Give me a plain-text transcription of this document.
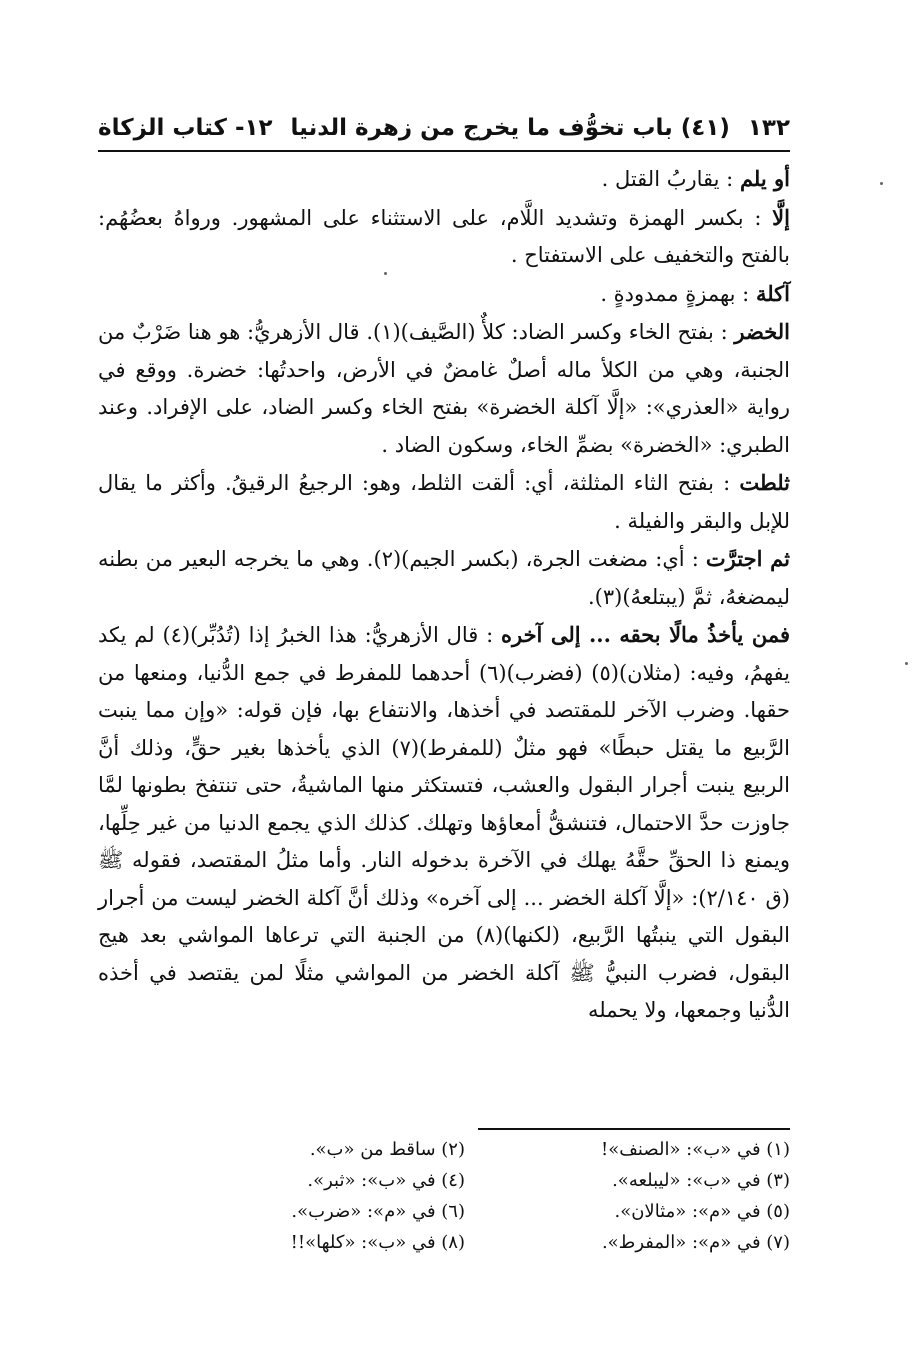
١٣٢
(٤١) باب تخوُّف ما يخرج من زهرة الدنيا
١٢- كتاب الزكاة

أو يلم : يقاربُ القتل .

إلَّا : بكسر الهمزة وتشديد اللَّام، على الاستثناء على المشهور. ورواهُ بعضُهُم: بالفتح والتخفيف على الاستفتاح .

آكلة : بهمزةٍ ممدودةٍ .

الخضر : بفتح الخاء وكسر الضاد: كلأٌ (الصَّيف)(١). قال الأزهريُّ: هو هنا ضَرْبٌ من الجنبة، وهي من الكلأ ماله أصلٌ غامضٌ في الأرض، واحدتُها: خضرة. ووقع في رواية «العذري»: «إلَّا آكلة الخضرة» بفتح الخاء وكسر الضاد، على الإفراد. وعند الطبري: «الخضرة» بضمِّ الخاء، وسكون الضاد .

ثلطت : بفتح الثاء المثلثة، أي: ألقت الثلط، وهو: الرجيعُ الرقيقُ. وأكثر ما يقال للإبل والبقر والفيلة .

ثم اجترَّت : أي: مضغت الجرة، (بكسر الجيم)(٢). وهي ما يخرجه البعير من بطنه ليمضغهُ، ثمَّ (يبتلعهُ)(٣).

فمن يأخذُ مالًا بحقه ... إلى آخره : قال الأزهريُّ: هذا الخبرُ إذا (تُدُبِّر)(٤) لم يكد يفهمُ، وفيه: (مثلان)(٥) (فضرب)(٦) أحدهما للمفرط في جمع الدُّنيا، ومنعها من حقها. وضرب الآخر للمقتصد في أخذها، والانتفاع بها، فإن قوله: «وإن مما ينبت الرَّبيع ما يقتل حبطًا» فهو مثلٌ (للمفرط)(٧) الذي يأخذها بغير حقٍّ، وذلك أنَّ الربيع ينبت أجرار البقول والعشب، فتستكثر منها الماشيةُ، حتى تنتفخ بطونها لمَّا جاوزت حدَّ الاحتمال، فتنشقُّ أمعاؤها وتهلك. كذلك الذي يجمع الدنيا من غير حِلِّها، ويمنع ذا الحقِّ حقَّهُ يهلك في الآخرة بدخوله النار. وأما مثلُ المقتصد، فقوله ﷺ (ق ٢/١٤٠): «إلَّا آكلة الخضر ... إلى آخره» وذلك أنَّ آكلة الخضر ليست من أجرار البقول التي ينبتُها الرَّبيع، (لكنها)(٨) من الجنبة التي ترعاها المواشي بعد هيج البقول، فضرب النبيُّ ﷺ آكلة الخضر من المواشي مثلًا لمن يقتصد في أخذه الدُّنيا وجمعها، ولا يحمله

(١) في «ب»: «الصنف»!
(٢) ساقط من «ب».
(٣) في «ب»: «ليبلعه».
(٤) في «ب»: «ثبر».
(٥) في «م»: «مثالان».
(٦) في «م»: «ضرب».
(٧) في «م»: «المفرط».
(٨) في «ب»: «كلها»!!
